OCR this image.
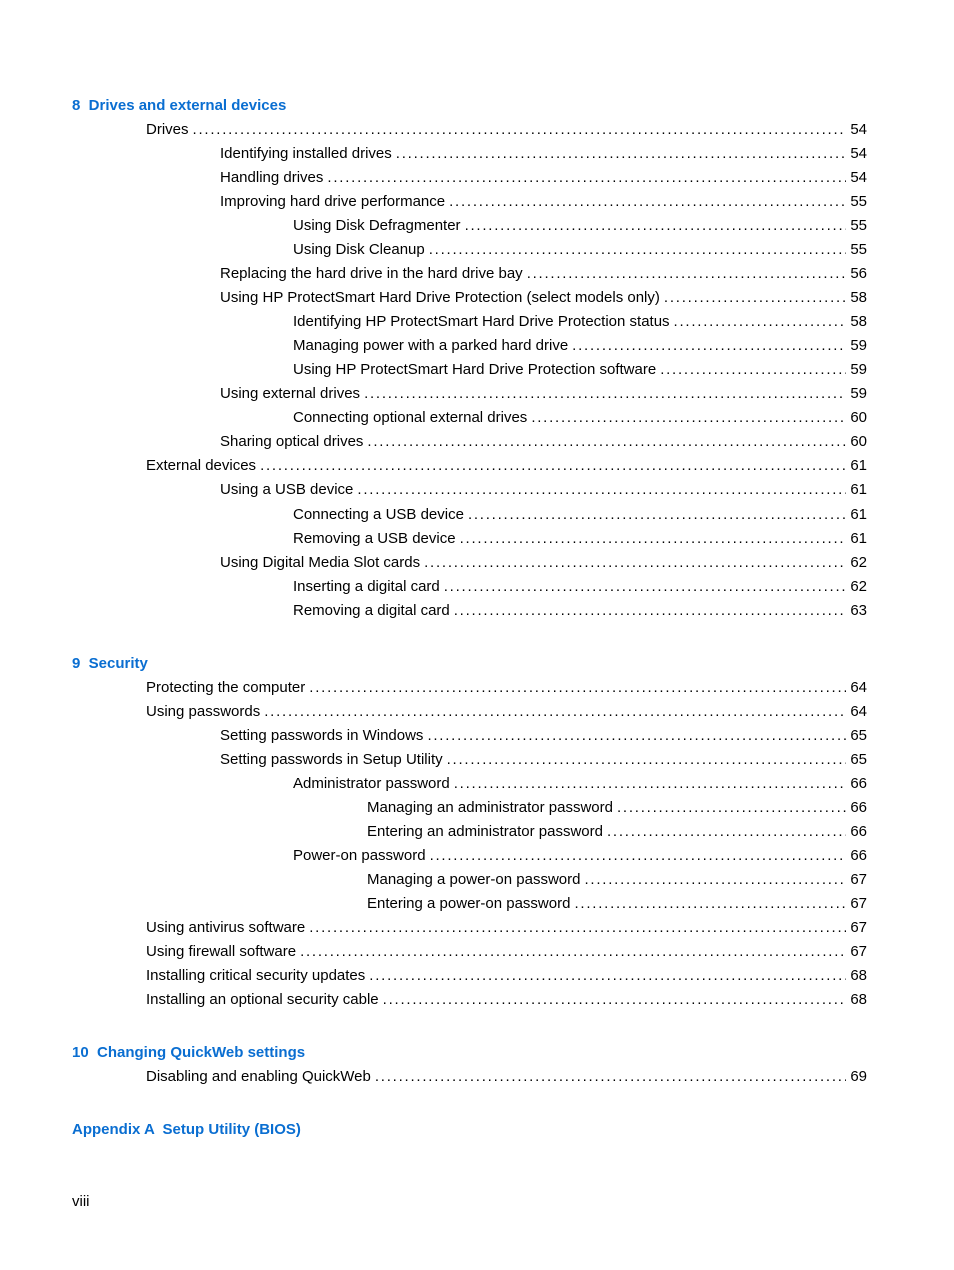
8  Drives and external devices
Drives . . .	54
Identifying installed drives . . .	54
Handling drives . . .	54
Improving hard drive performance . . .	55
Using Disk Defragmenter . . .	55
Using Disk Cleanup . . .	55
Replacing the hard drive in the hard drive bay . . .	56
Using HP ProtectSmart Hard Drive Protection (select models only) . . .	58
Identifying HP ProtectSmart Hard Drive Protection status . . .	58
Managing power with a parked hard drive . . .	59
Using HP ProtectSmart Hard Drive Protection software . . .	59
Using external drives . . .	59
Connecting optional external drives . . .	60
Sharing optical drives . . .	60
External devices . . .	61
Using a USB device . . .	61
Connecting a USB device . . .	61
Removing a USB device . . .	61
Using Digital Media Slot cards . . .	62
Inserting a digital card . . .	62
Removing a digital card . . .	63
9  Security
Protecting the computer . . .	64
Using passwords . . .	64
Setting passwords in Windows . . .	65
Setting passwords in Setup Utility . . .	65
Administrator password . . .	66
Managing an administrator password . . .	66
Entering an administrator password . . .	66
Power-on password . . .	66
Managing a power-on password . . .	67
Entering a power-on password . . .	67
Using antivirus software . . .	67
Using firewall software . . .	67
Installing critical security updates . . .	68
Installing an optional security cable . . .	68
10  Changing QuickWeb settings
Disabling and enabling QuickWeb . . .	69
Appendix A  Setup Utility (BIOS)
viii
